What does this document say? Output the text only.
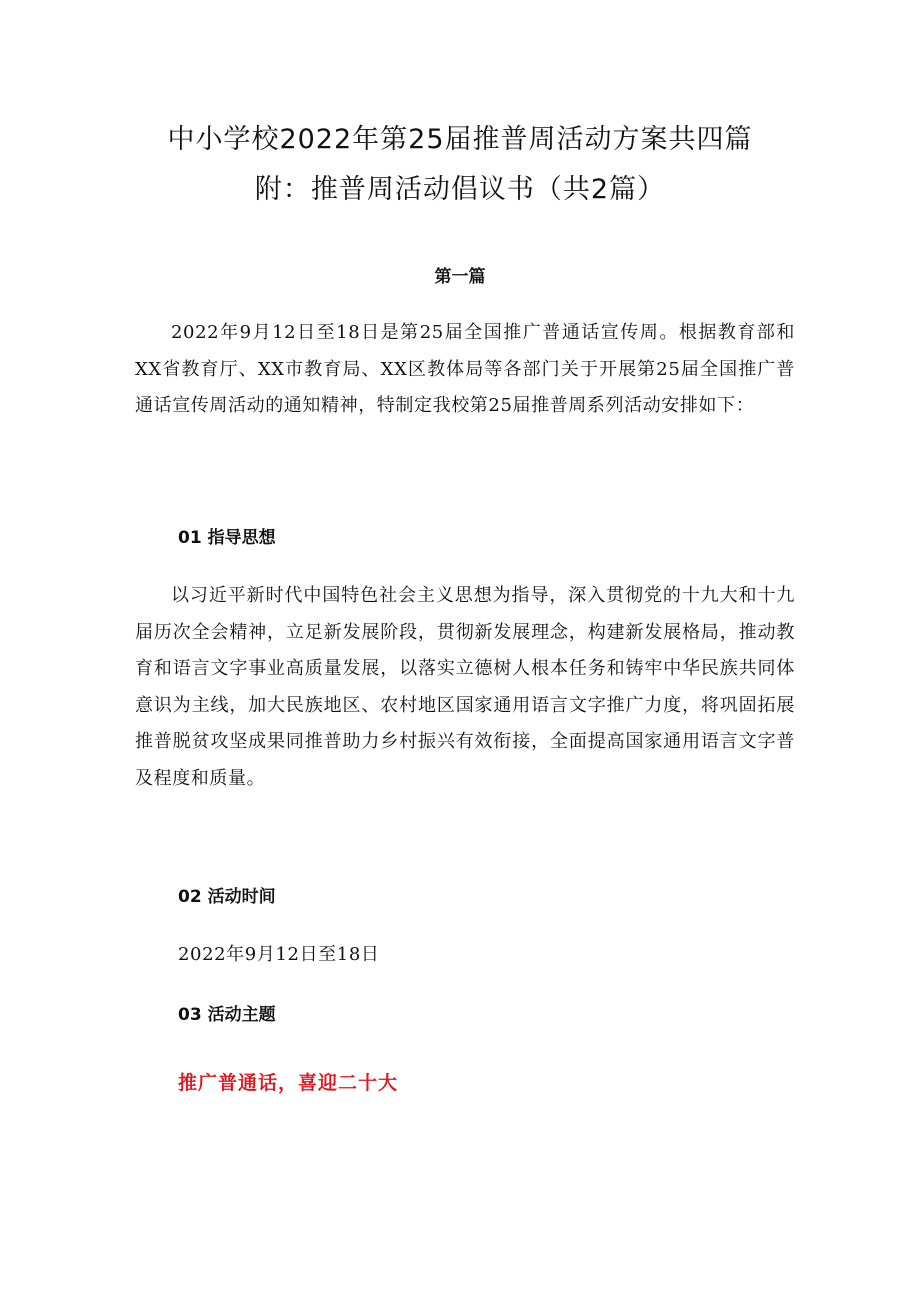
中小学校2022年第25届推普周活动方案共四篇
附：推普周活动倡议书（共2篇）
第一篇
2022年9月12日至18日是第25届全国推广普通话宣传周。根据教育部和XX省教育厅、XX市教育局、XX区教体局等各部门关于开展第25届全国推广普通话宣传周活动的通知精神，特制定我校第25届推普周系列活动安排如下：
01 指导思想
以习近平新时代中国特色社会主义思想为指导，深入贯彻党的十九大和十九届历次全会精神，立足新发展阶段，贯彻新发展理念，构建新发展格局，推动教育和语言文字事业高质量发展，以落实立德树人根本任务和铸牢中华民族共同体意识为主线，加大民族地区、农村地区国家通用语言文字推广力度，将巩固拓展推普脱贫攻坚成果同推普助力乡村振兴有效衔接，全面提高国家通用语言文字普及程度和质量。
02 活动时间
2022年9月12日至18日
03 活动主题
推广普通话，喜迎二十大
